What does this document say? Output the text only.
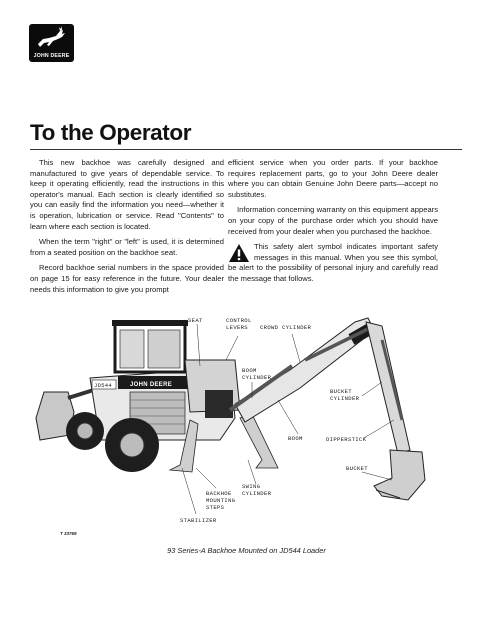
JOHN DEERE
To the Operator

This new backhoe was carefully designed and manufactured to give years of dependable service. To keep it operating efficiently, read the instructions in this operator's manual. Each section is clearly identified so you can easily find the information you need—whether it is operation, lubrication or service. Read "Contents" to learn where each section is located.

When the term "right" or "left" is used, it is determined from a seated position on the backhoe seat.

Record backhoe serial numbers in the space provided on page 15 for easy reference in the future. Your dealer needs this information to give you prompt

efficient service when you order parts. If your backhoe requires replacement parts, go to your John Deere dealer where you can obtain Genuine John Deere parts—accept no substitutes.

Information concerning warranty on this equipment appears on your copy of the purchase order which you should have received from your dealer when you purchased the backhoe.

This safety alert symbol indicates important safety messages in this manual. When you see this symbol, be alert to the possibility of personal injury and carefully read the message that follows.

JOHN DEERE
JD544
SEAT	CONTROL
LEVERS CROWD CYLINDER
BOOM
CYLINDER
BUCKET
CYLINDER
BOOM	DIPPERSTICK
BUCKET
SWING
CYLINDER
BACKHOE
MOUNTING
STEPS
STABILIZER
T 33769
93 Series-A Backhoe Mounted on JD544 Loader
